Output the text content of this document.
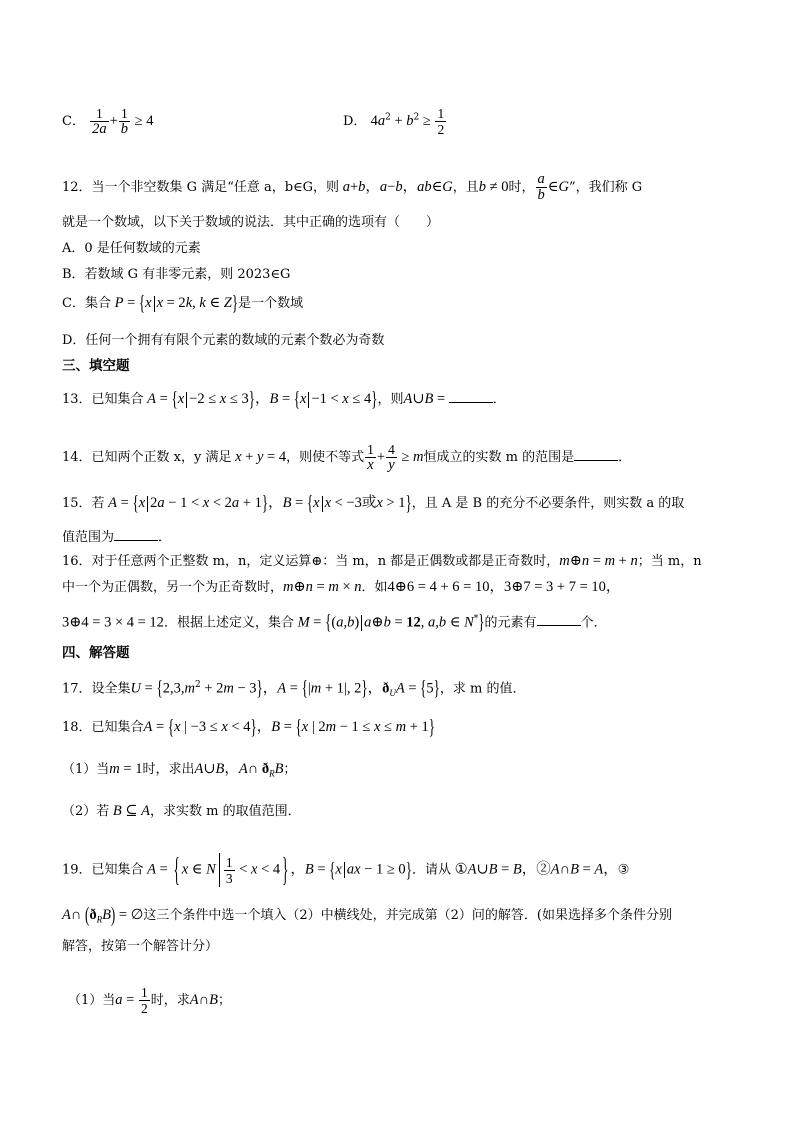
C． $\frac{1}{2a} + \frac{1}{b} \ge 4$	D． $4a^2 + b^2 \ge \frac{1}{2}$
12．当一个非空数集 G 满足“任意 a，b∈G，则 a+b，a−b，ab∈G，且b ≠ 0时， $\frac{a}{b}$ ∈G”，我们称 G
就是一个数域，以下关于数域的说法．其中正确的选项有（　　）
A．0 是任何数域的元素
B．若数域 G 有非零元素，则 2023∈G
C．集合 P = {x x = 2k, k ∈ Z}是一个数域
D．任何一个拥有有限个元素的数域的元素个数必为奇数
三、填空题
13．已知集合 A = {x −2 ≤ x ≤ 3}，B = {x −1 < x ≤ 4}，则A∪B =	．
14．已知两个正数 x，y 满足 x + y = 4，则使不等式 $\frac{1}{x} + \frac{4}{y} \ge m$恒成立的实数 m 的范围是	．
15．若 A = {x 2a − 1 < x < 2a + 1}，B = {x x < −3或x > 1}，且 A 是 B 的充分不必要条件，则实数 a 的取
值范围为	．
16．对于任意两个正整数 m，n，定义运算⊕：当 m，n 都是正偶数或都是正奇数时，m⊕n = m + n；当 m，n
中一个为正偶数，另一个为正奇数时，m⊕n = m × n．如4⊕6 = 4 + 6 = 10，3⊕7 = 3 + 7 = 10，
3⊕4 = 3 × 4 = 12．根据上述定义，集合 M = {(a,b) a⊕b = 12, a,b ∈ N*}的元素有	个．
四、解答题
17．设全集$U = \{2,3,m^2 + 2m - 3\}$，A = {|m + 1|, 2}，$ð_UA = \{5\}$，求 m 的值．
18．已知集合A = {x | −3 ≤ x < 4}，B = {x | 2m − 1 ≤ x ≤ m + 1}
（1）当m = 1时，求出A∪B，A∩ $ð_RB$；
（2）若 B ⊆ A，求实数 m 的取值范围．
19．已知集合 A = { x ∈ N $\frac{1}{3} < x < 4$ } ，B = {x ax − 1 ≥ 0}．请从 ①A∪B = B，②A∩B = A，③
A∩ $(ð_RB)$ = ∅这三个条件中选一个填入（2）中横线处，并完成第（2）问的解答．(如果选择多个条件分别
解答，按第一个解答计分）
（1）当$a = \frac{1}{2}$ 时，求A∩B；
